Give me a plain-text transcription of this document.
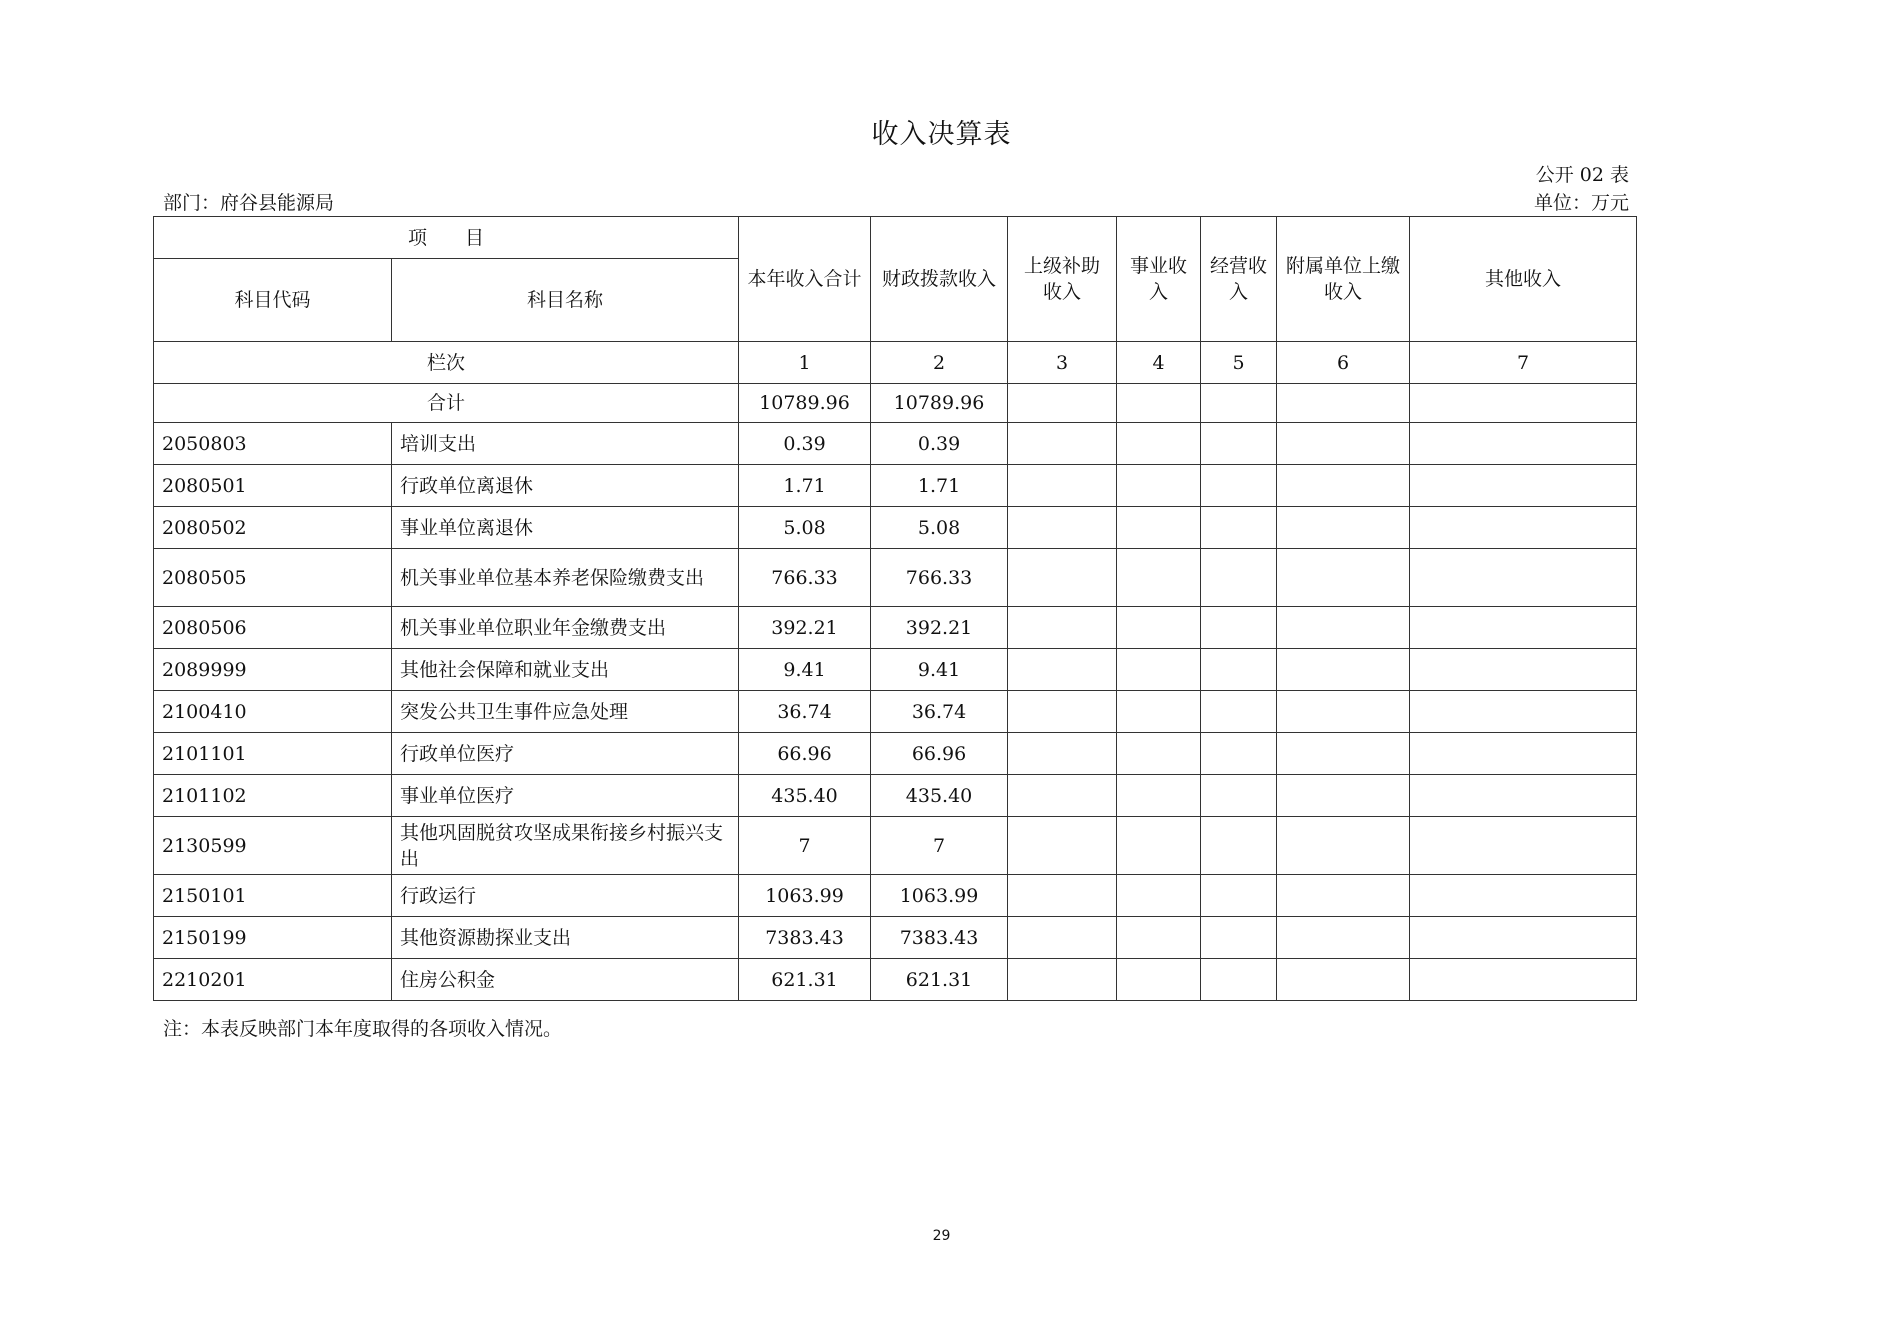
收入决算表
公开 02 表
部门：府谷县能源局	单位：万元
项　　目		本年收入合计	财政拨款收入	上级补助收入	事业收入	经营收入	附属单位上缴收入	其他收入
科目代码	科目名称							
栏次		1	2	3	4	5	6	7
合计		10789.96	10789.96					
2050803	培训支出	0.39	0.39					
2080501	行政单位离退休	1.71	1.71					
2080502	事业单位离退休	5.08	5.08					
2080505	机关事业单位基本养老保险缴费支出	766.33	766.33					
2080506	机关事业单位职业年金缴费支出	392.21	392.21					
2089999	其他社会保障和就业支出	9.41	9.41					
2100410	突发公共卫生事件应急处理	36.74	36.74					
2101101	行政单位医疗	66.96	66.96					
2101102	事业单位医疗	435.40	435.40					
2130599	其他巩固脱贫攻坚成果衔接乡村振兴支出	7	7					
2150101	行政运行	1063.99	1063.99					
2150199	其他资源勘探业支出	7383.43	7383.43					
2210201	住房公积金	621.31	621.31					
注：本表反映部门本年度取得的各项收入情况。
29
